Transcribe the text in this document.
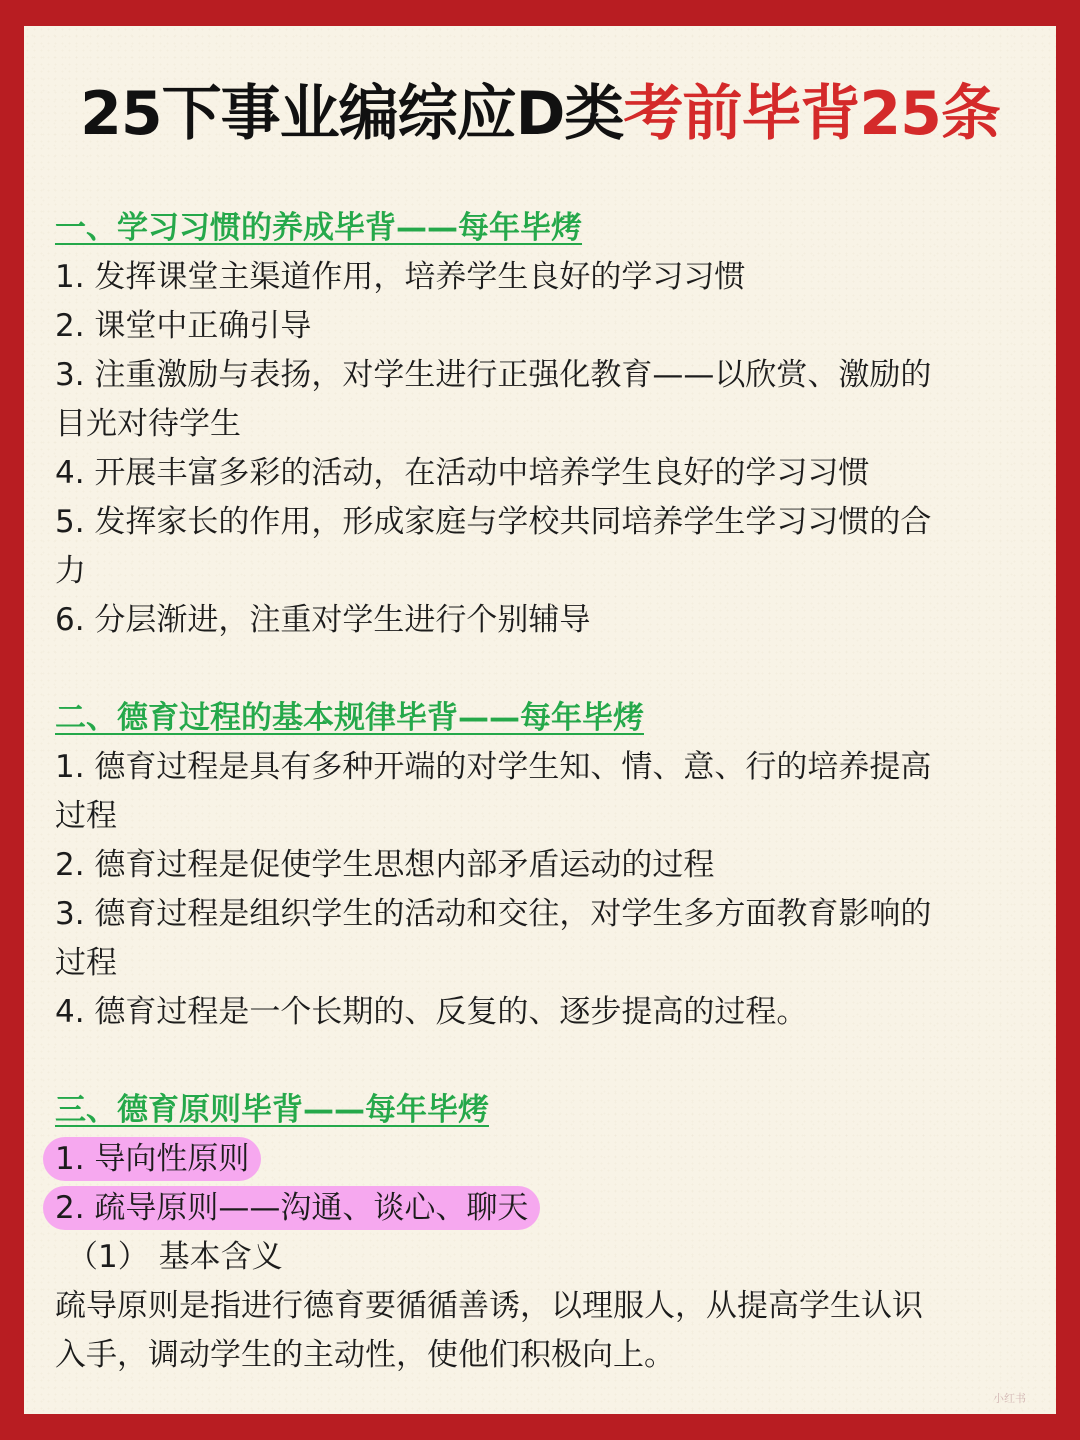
25下事业编综应D类考前毕背25条
一、学习习惯的养成毕背——每年毕烤
1. 发挥课堂主渠道作用，培养学生良好的学习习惯
2. 课堂中正确引导
3. 注重激励与表扬，对学生进行正强化教育——以欣赏、激励的
目光对待学生
4. 开展丰富多彩的活动，在活动中培养学生良好的学习习惯
5. 发挥家长的作用，形成家庭与学校共同培养学生学习习惯的合
力
6. 分层渐进，注重对学生进行个别辅导
二、德育过程的基本规律毕背——每年毕烤
1. 德育过程是具有多种开端的对学生知、情、意、行的培养提高
过程
2. 德育过程是促使学生思想内部矛盾运动的过程
3. 德育过程是组织学生的活动和交往，对学生多方面教育影响的
过程
4. 德育过程是一个长期的、反复的、逐步提高的过程。
三、德育原则毕背——每年毕烤
1. 导向性原则
2. 疏导原则——沟通、谈心、聊天
（1） 基本含义
疏导原则是指进行德育要循循善诱，以理服人，从提高学生认识
入手，调动学生的主动性，使他们积极向上。
小红书
